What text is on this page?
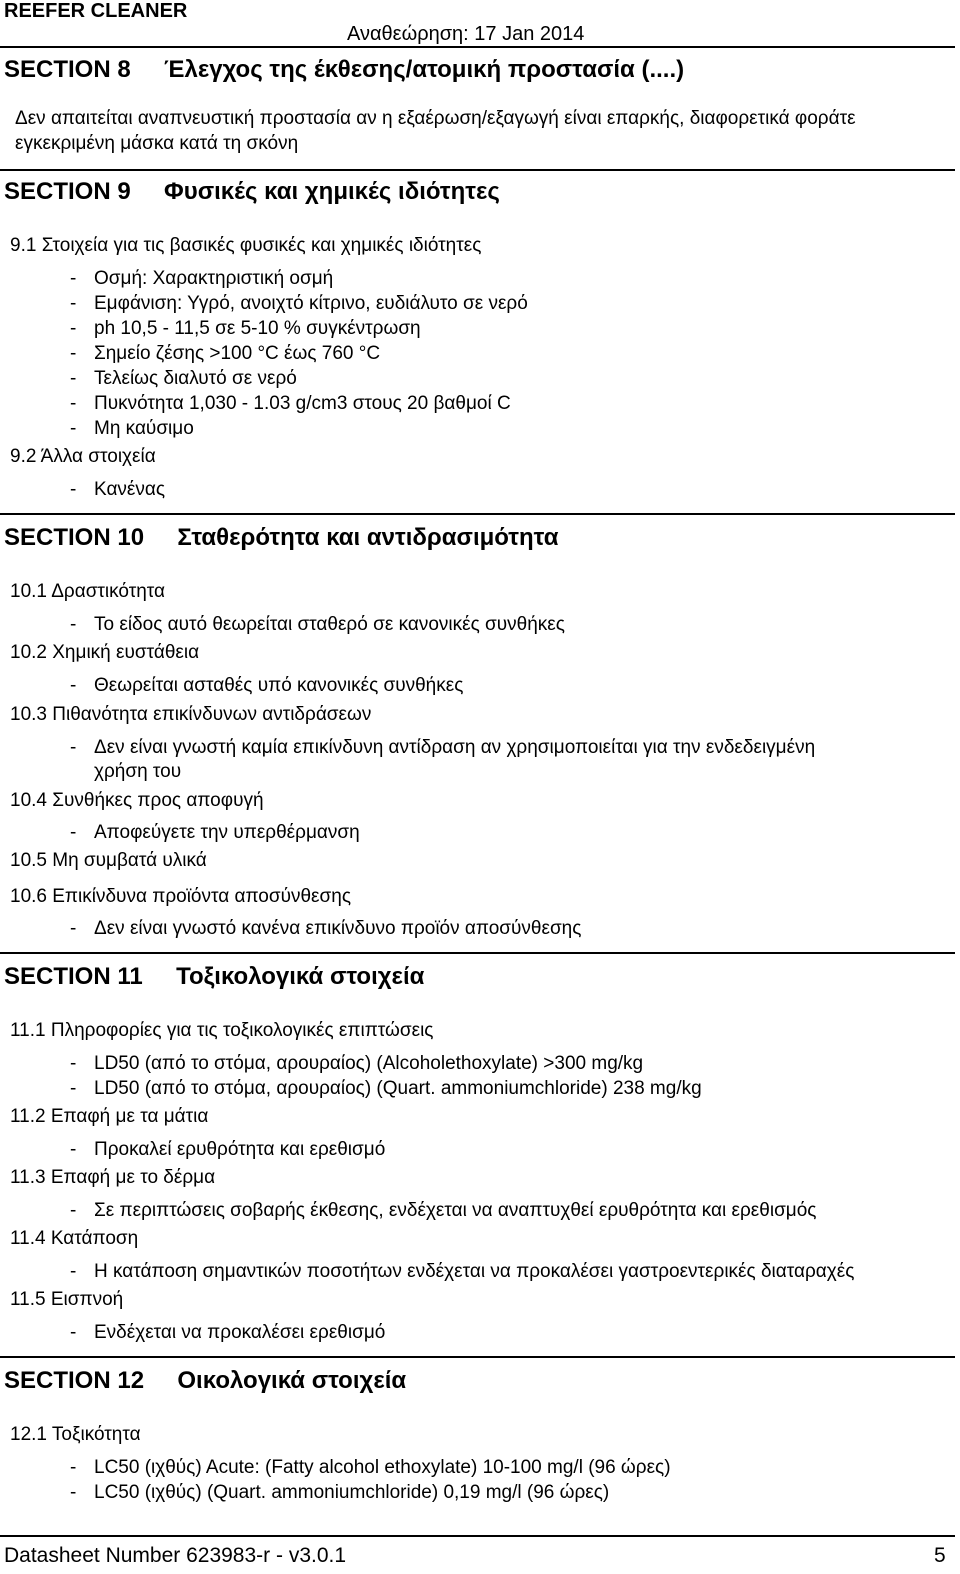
REEFER CLEANER
Αναθεώρηση: 17 Jan 2014
SECTION 8 Έλεγχος της έκθεσης/ατομική προστασία (....)
Δεν απαιτείται αναπνευστική προστασία αν η εξαέρωση/εξαγωγή είναι επαρκής, διαφορετικά φοράτε
εγκεκριμένη μάσκα κατά τη σκόνη
SECTION 9 Φυσικές και χημικές ιδιότητες
9.1 Στοιχεία για τις βασικές φυσικές και χημικές ιδιότητες
- Οσμή: Χαρακτηριστική οσμή
- Εμφάνιση: Υγρό, ανοιχτό κίτρινο, ευδιάλυτο σε νερό
- ph 10,5 - 11,5 σε 5-10 % συγκέντρωση
- Σημείο ζέσης >100 °C έως 760 °C
- Τελείως διαλυτό σε νερό
- Πυκνότητα 1,030 - 1.03 g/cm3 στους 20 βαθμοί C
- Μη καύσιμο
9.2 Άλλα στοιχεία
- Κανένας
SECTION 10 Σταθερότητα και αντιδρασιμότητα
10.1 Δραστικότητα
- Το είδος αυτό θεωρείται σταθερό σε κανονικές συνθήκες
10.2 Χημική ευστάθεια
- Θεωρείται ασταθές υπό κανονικές συνθήκες
10.3 Πιθανότητα επικίνδυνων αντιδράσεων
- Δεν είναι γνωστή καμία επικίνδυνη αντίδραση αν χρησιμοποιείται για την ενδεδειγμένη
χρήση του
10.4 Συνθήκες προς αποφυγή
- Αποφεύγετε την υπερθέρμανση
10.5 Μη συμβατά υλικά
10.6 Επικίνδυνα προϊόντα αποσύνθεσης
- Δεν είναι γνωστό κανένα επικίνδυνο προϊόν αποσύνθεσης
SECTION 11 Τοξικολογικά στοιχεία
11.1 Πληροφορίες για τις τοξικολογικές επιπτώσεις
- LD50 (από το στόμα, αρουραίος) (Alcoholethoxylate) >300 mg/kg
- LD50 (από το στόμα, αρουραίος) (Quart. ammoniumchloride) 238 mg/kg
11.2 Επαφή με τα μάτια
- Προκαλεί ερυθρότητα και ερεθισμό
11.3 Επαφή με το δέρμα
- Σε περιπτώσεις σοβαρής έκθεσης, ενδέχεται να αναπτυχθεί ερυθρότητα και ερεθισμός
11.4 Κατάποση
- Η κατάποση σημαντικών ποσοτήτων ενδέχεται να προκαλέσει γαστροεντερικές διαταραχές
11.5 Εισπνοή
- Ενδέχεται να προκαλέσει ερεθισμό
SECTION 12 Οικολογικά στοιχεία
12.1 Τοξικότητα
- LC50 (ιχθύς) Acute: (Fatty alcohol ethoxylate) 10-100 mg/l (96 ώρες)
- LC50 (ιχθύς) (Quart. ammoniumchloride) 0,19 mg/l (96 ώρες)
Datasheet Number 623983-r - v3.0.1	5
